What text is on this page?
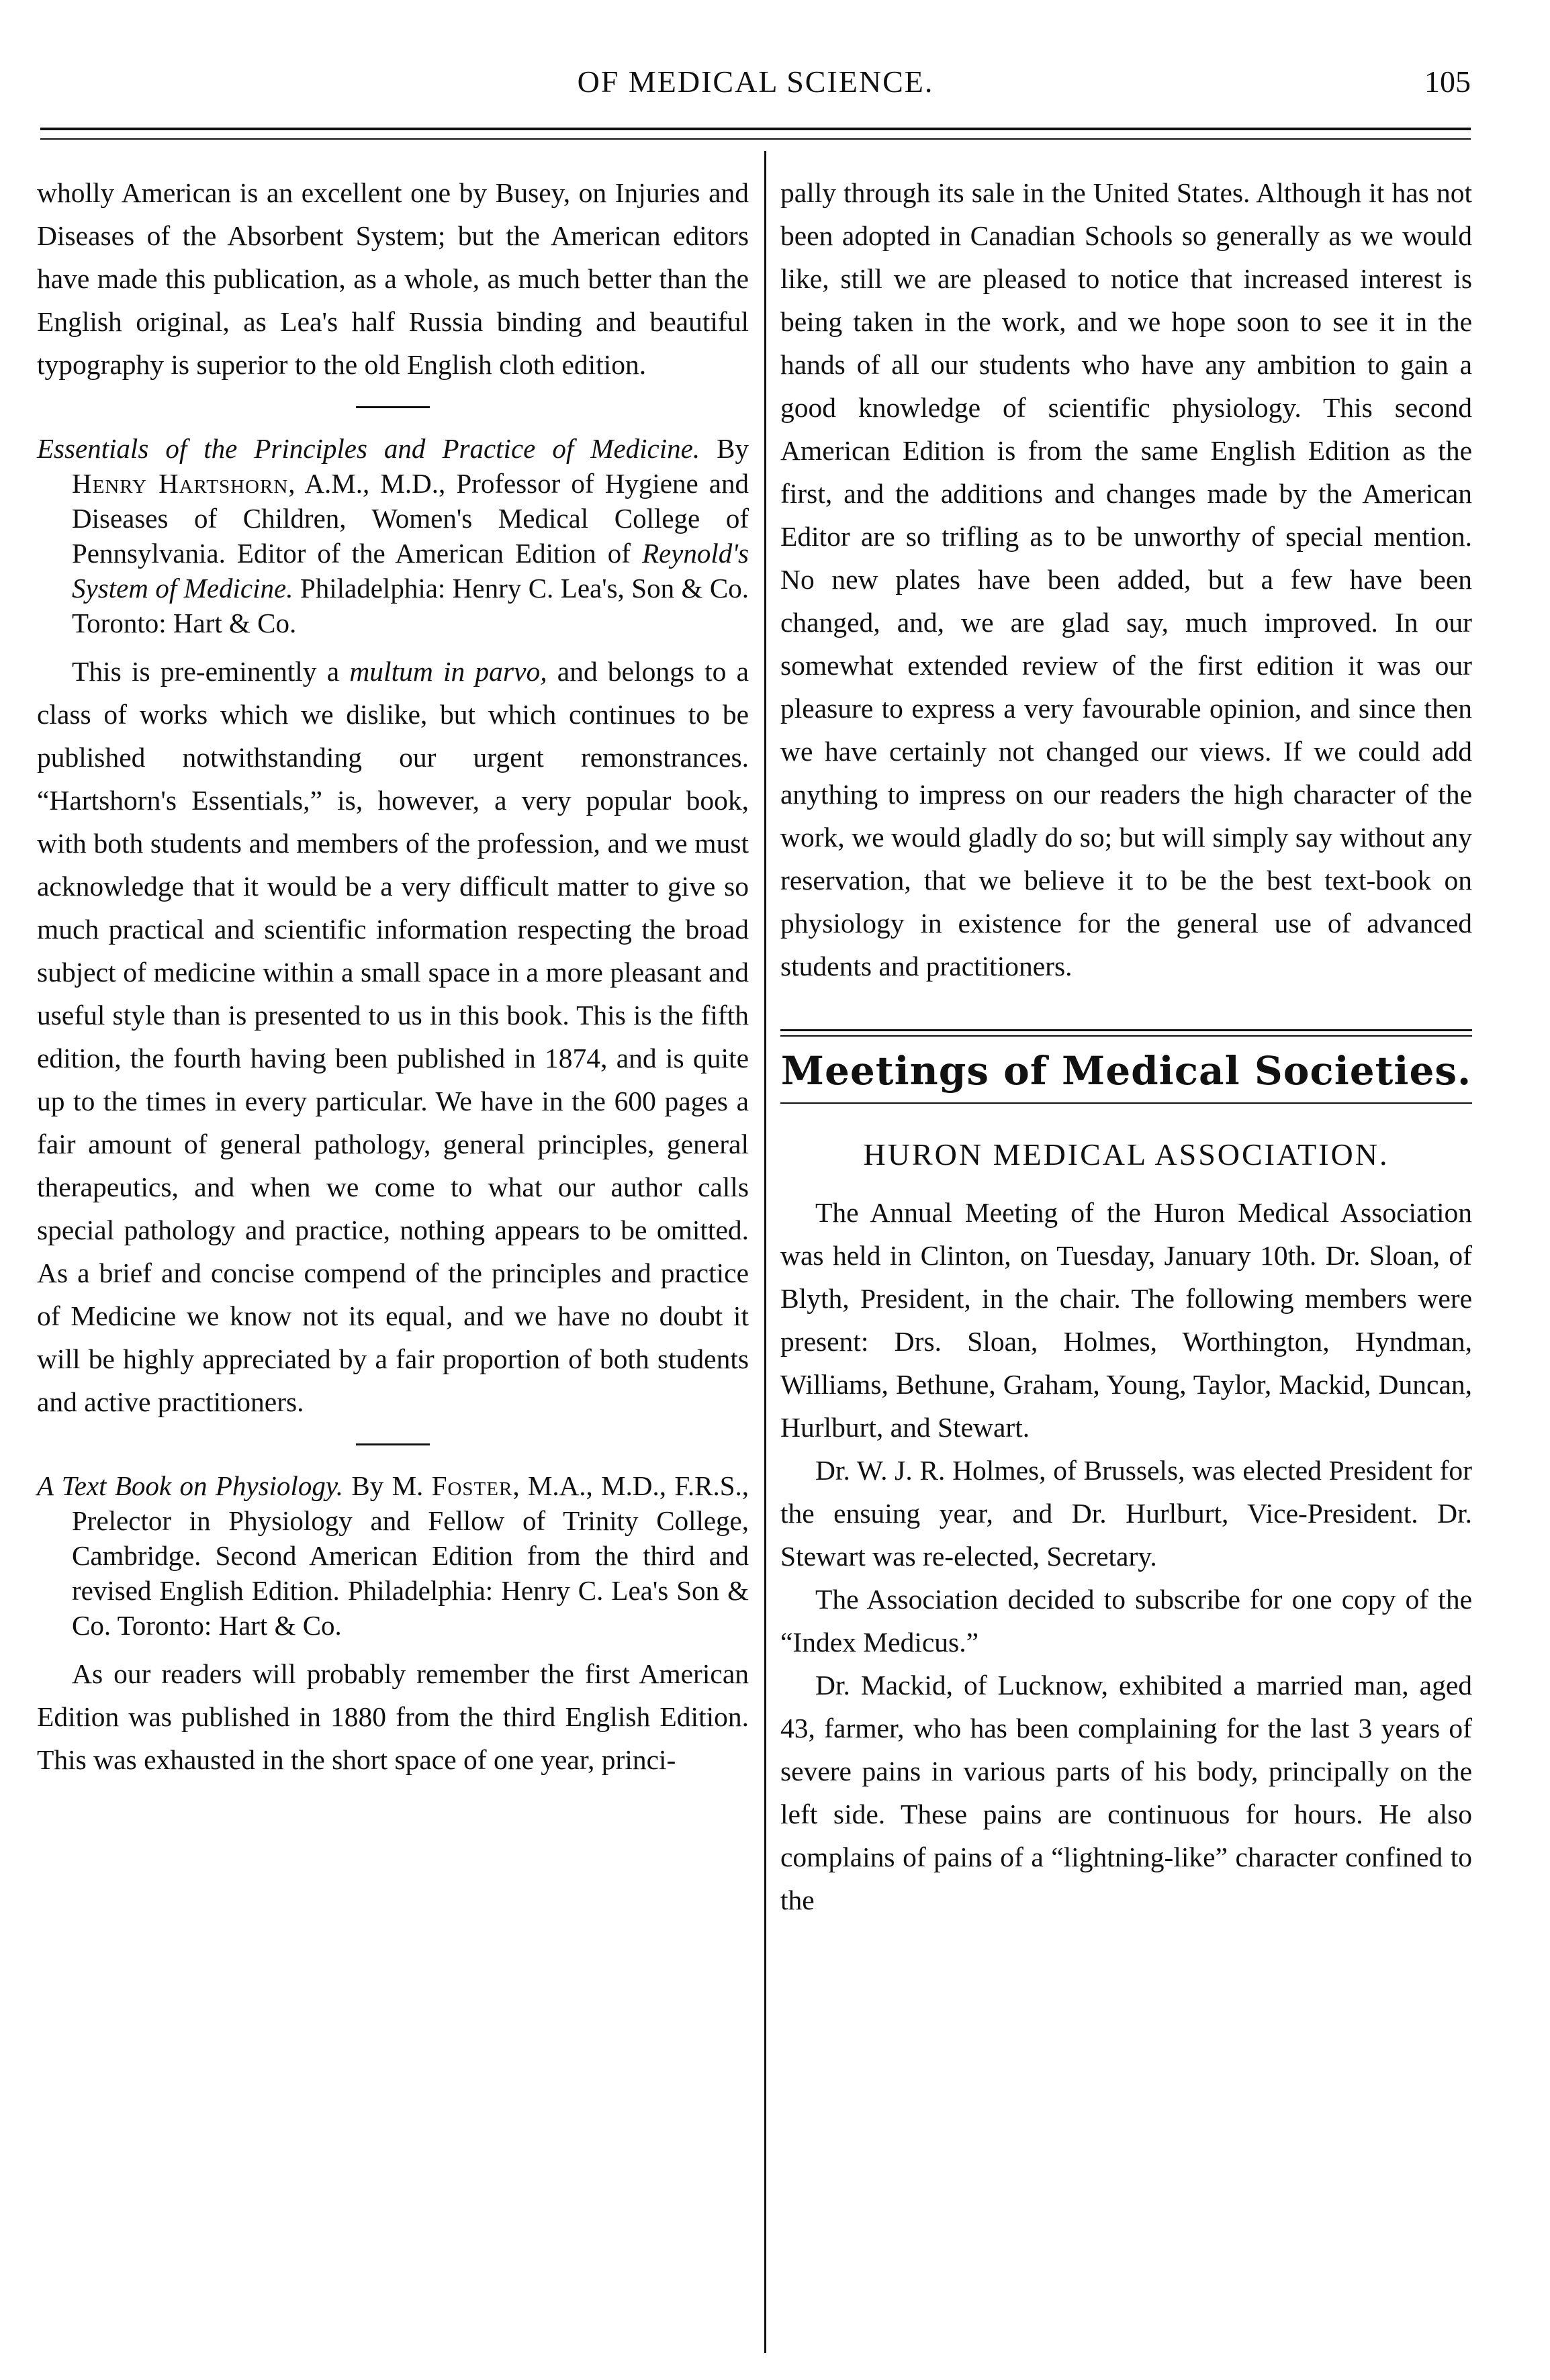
OF MEDICAL SCIENCE.	105

wholly American is an excellent one by Busey, on Injuries and Diseases of the Absorbent System; but the American editors have made this publication, as a whole, as much better than the English original, as Lea's half Russia binding and beautiful typography is superior to the old English cloth edition.

Essentials of the Principles and Practice of Medicine. By Henry Hartshorn, A.M., M.D., Professor of Hygiene and Diseases of Children, Women's Medical College of Pennsylvania. Editor of the American Edition of Reynold's System of Medicine. Philadelphia: Henry C. Lea's, Son & Co. Toronto: Hart & Co.

This is pre-eminently a multum in parvo, and belongs to a class of works which we dislike, but which continues to be published notwithstanding our urgent remonstrances. “Hartshorn's Essentials,” is, however, a very popular book, with both students and members of the profession, and we must acknowledge that it would be a very difficult matter to give so much practical and scientific information respecting the broad subject of medicine within a small space in a more pleasant and useful style than is presented to us in this book. This is the fifth edition, the fourth having been published in 1874, and is quite up to the times in every particular. We have in the 600 pages a fair amount of general pathology, general principles, general therapeutics, and when we come to what our author calls special pathology and practice, nothing appears to be omitted. As a brief and concise compend of the principles and practice of Medicine we know not its equal, and we have no doubt it will be highly appreciated by a fair proportion of both students and active practitioners.

A Text Book on Physiology. By M. Foster, M.A., M.D., F.R.S., Prelector in Physiology and Fellow of Trinity College, Cambridge. Second American Edition from the third and revised English Edition. Philadelphia: Henry C. Lea's Son & Co. Toronto: Hart & Co.

As our readers will probably remember the first American Edition was published in 1880 from the third English Edition. This was exhausted in the short space of one year, princi-

pally through its sale in the United States. Although it has not been adopted in Canadian Schools so generally as we would like, still we are pleased to notice that increased interest is being taken in the work, and we hope soon to see it in the hands of all our students who have any ambition to gain a good knowledge of scientific physiology. This second American Edition is from the same English Edition as the first, and the additions and changes made by the American Editor are so trifling as to be unworthy of special mention. No new plates have been added, but a few have been changed, and, we are glad say, much improved. In our somewhat extended review of the first edition it was our pleasure to express a very favourable opinion, and since then we have certainly not changed our views. If we could add anything to impress on our readers the high character of the work, we would gladly do so; but will simply say without any reservation, that we believe it to be the best text-book on physiology in existence for the general use of advanced students and practitioners.

Meetings of Medical Societies.
HURON MEDICAL ASSOCIATION.

The Annual Meeting of the Huron Medical Association was held in Clinton, on Tuesday, January 10th. Dr. Sloan, of Blyth, President, in the chair. The following members were present: Drs. Sloan, Holmes, Worthington, Hyndman, Williams, Bethune, Graham, Young, Taylor, Mackid, Duncan, Hurlburt, and Stewart.

Dr. W. J. R. Holmes, of Brussels, was elected President for the ensuing year, and Dr. Hurlburt, Vice-President. Dr. Stewart was re-elected, Secretary.

The Association decided to subscribe for one copy of the “Index Medicus.”

Dr. Mackid, of Lucknow, exhibited a married man, aged 43, farmer, who has been complaining for the last 3 years of severe pains in various parts of his body, principally on the left side. These pains are continuous for hours. He also complains of pains of a “lightning-like” character confined to the
